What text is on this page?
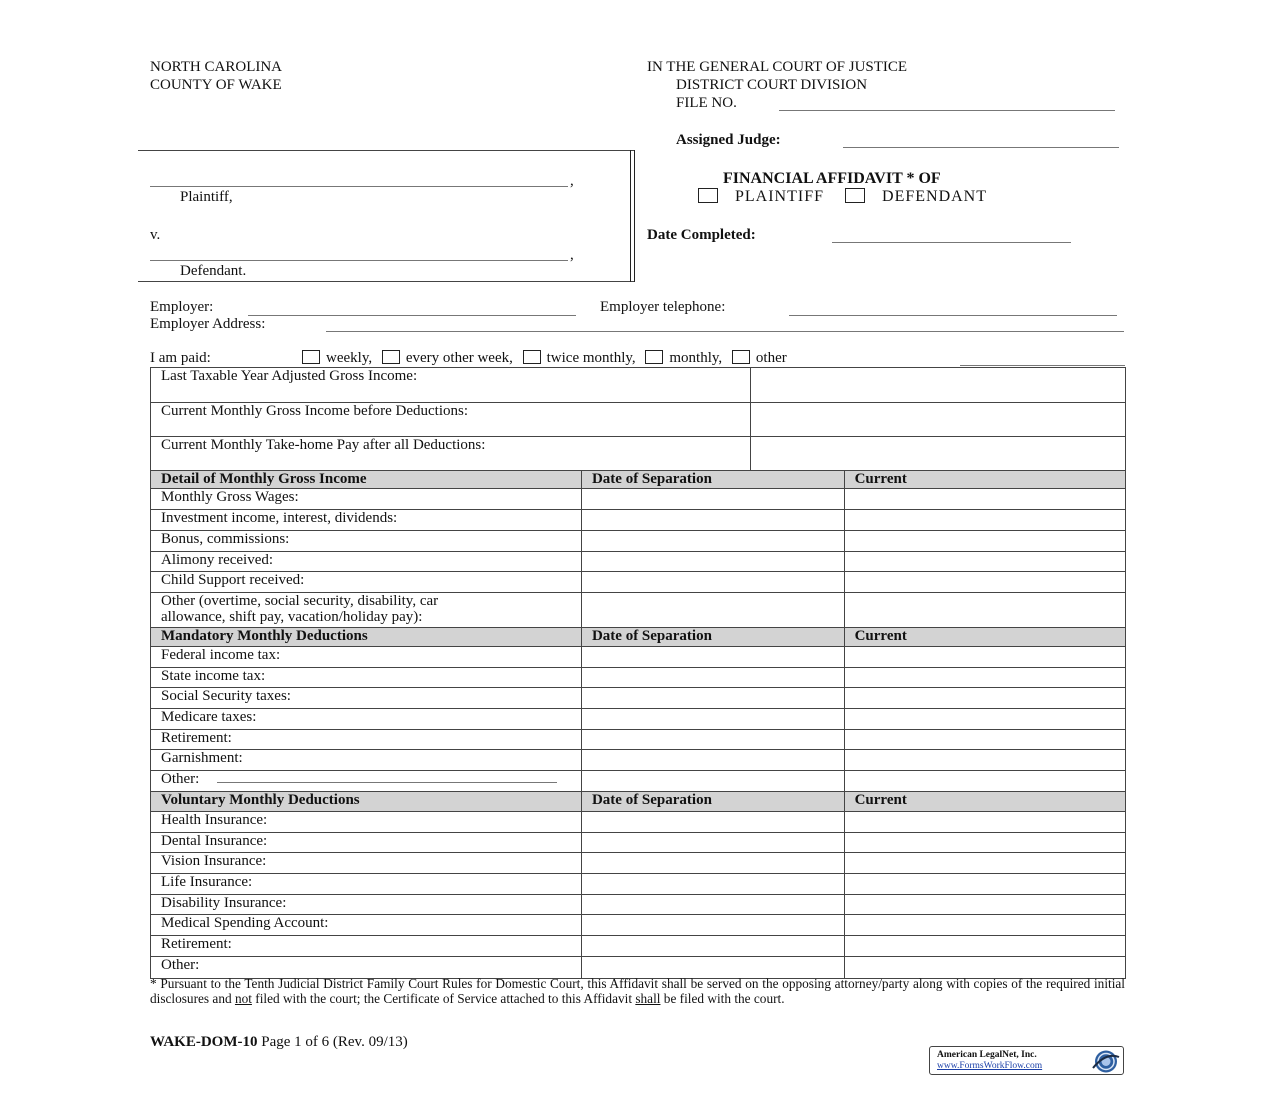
NORTH CAROLINA
COUNTY OF WAKE
IN THE GENERAL COURT OF JUSTICE
DISTRICT COURT DIVISION
FILE NO.
Assigned Judge:
,
Plaintiff,
v.
,
Defendant.
FINANCIAL AFFIDAVIT * OF
PLAINTIFF	DEFENDANT
Date Completed:
Employer:	Employer telephone:
Employer Address:
I am paid:	weekly, every other week, twice monthly, monthly, other
Last Taxable Year Adjusted Gross Income:	
Current Monthly Gross Income before Deductions:	
Current Monthly Take-home Pay after all Deductions:	
Detail of Monthly Gross Income	Date of Separation	Current
Monthly Gross Wages:		
Investment income, interest, dividends:		
Bonus, commissions:		
Alimony received:		
Child Support received:		

Other (overtime, social security, disability, car
allowance, shift pay, vacation/holiday pay):		

Mandatory Monthly Deductions	Date of Separation	Current
Federal income tax:		
State income tax:		
Social Security taxes:		
Medicare taxes:		
Retirement:		
Garnishment:		
Other:		
Voluntary Monthly Deductions	Date of Separation	Current
Health Insurance:		
Dental Insurance:		
Vision Insurance:		
Life Insurance:		
Disability Insurance:		
Medical Spending Account:		
Retirement:		
Other:		
* Pursuant to the Tenth Judicial District Family Court Rules for Domestic Court, this Affidavit shall be served on the opposing attorney/party along with copies of the required initial disclosures and not filed with the court; the Certificate of Service attached to this Affidavit shall be filed with the court.
WAKE-DOM-10 Page 1 of 6 (Rev. 09/13)
American LegalNet, Inc.
www.FormsWorkFlow.com
